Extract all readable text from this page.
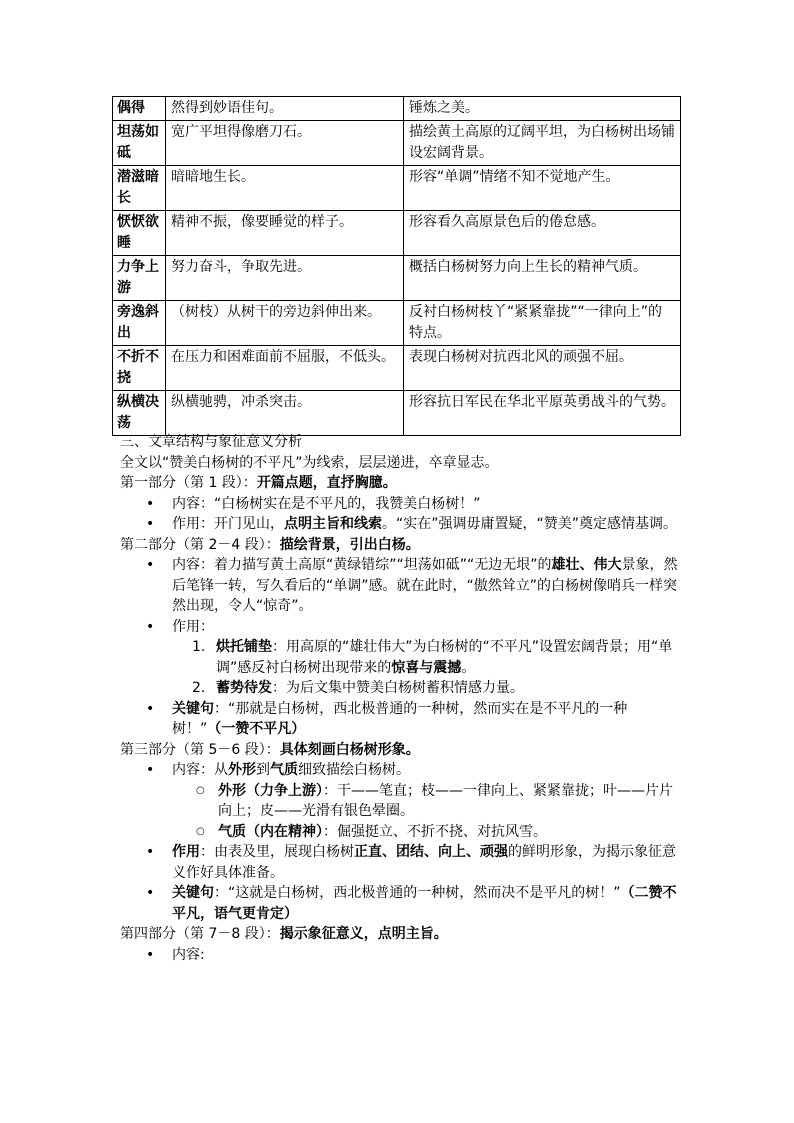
偶得	然得到妙语佳句。	锤炼之美。
坦荡如砥	宽广平坦得像磨刀石。	描绘黄土高原的辽阔平坦，为白杨树出场铺设宏阔背景。
潜滋暗长	暗暗地生长。	形容“单调”情绪不知不觉地产生。
恹恹欲睡	精神不振，像要睡觉的样子。	形容看久高原景色后的倦怠感。
力争上游	努力奋斗，争取先进。	概括白杨树努力向上生长的精神气质。
旁逸斜出	（树枝）从树干的旁边斜伸出来。	反衬白杨树枝丫“紧紧靠拢”“一律向上”的特点。
不折不挠	在压力和困难面前不屈服，不低头。	表现白杨树对抗西北风的顽强不屈。
纵横决荡	纵横驰骋，冲杀突击。	形容抗日军民在华北平原英勇战斗的气势。
三、文章结构与象征意义分析
全文以“赞美白杨树的不平凡”为线索，层层递进，卒章显志。
第一部分（第 1 段）：开篇点题，直抒胸臆。
• 内容：“白杨树实在是不平凡的，我赞美白杨树！”
• 作用：开门见山，点明主旨和线索。“实在”强调毋庸置疑，“赞美”奠定感情基调。
第二部分（第 2－4 段）：描绘背景，引出白杨。
• 内容：着力描写黄土高原“黄绿错综”“坦荡如砥”“无边无垠”的雄壮、伟大景象，然后笔锋一转，写久看后的“单调”感。就在此时，“傲然耸立”的白杨树像哨兵一样突然出现，令人“惊奇”。
• 作用：
1. 烘托铺垫：用高原的“雄壮伟大”为白杨树的“不平凡”设置宏阔背景；用“单调”感反衬白杨树出现带来的惊喜与震撼。
2. 蓄势待发：为后文集中赞美白杨树蓄积情感力量。
• 关键句：“那就是白杨树，西北极普通的一种树，然而实在是不平凡的一种树！”（一赞不平凡）
第三部分（第 5－6 段）：具体刻画白杨树形象。
• 内容：从外形到气质细致描绘白杨树。
○ 外形（力争上游）：干——笔直；枝——一律向上、紧紧靠拢；叶——片片向上；皮——光滑有银色晕圈。
○ 气质（内在精神）：倔强挺立、不折不挠、对抗风雪。
• 作用：由表及里，展现白杨树正直、团结、向上、顽强的鲜明形象，为揭示象征意义作好具体准备。
• 关键句：“这就是白杨树，西北极普通的一种树，然而决不是平凡的树！”（二赞不平凡，语气更肯定）
第四部分（第 7－8 段）：揭示象征意义，点明主旨。
• 内容:
